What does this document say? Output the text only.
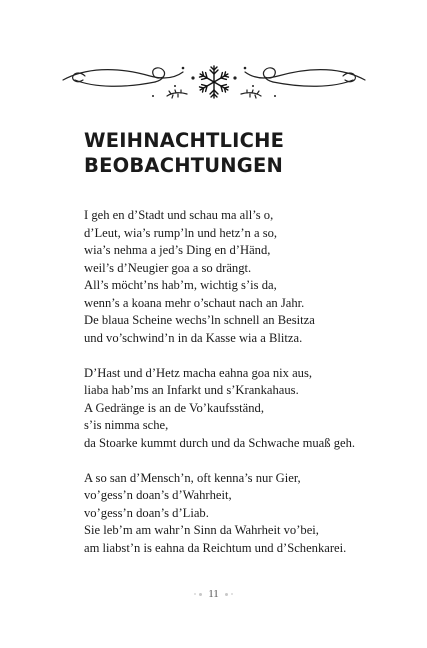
WEIHNACHTLICHE
BEOBACHTUNGEN
I geh en d’Stadt und schau ma all’s o,
d’Leut, wia’s rump’ln und hetz’n a so,
wia’s nehma a jed’s Ding en d’Händ,
weil’s d’Neugier goa a so drängt.
All’s möcht’ns hab’m, wichtig s’is da,
wenn’s a koana mehr o’schaut nach an Jahr.
De blaua Scheine wechs’ln schnell an Besitza
und vo’schwind’n in da Kasse wia a Blitza.
D’Hast und d’Hetz macha eahna goa nix aus,
liaba hab’ms an Infarkt und s’Krankahaus.
A Gedränge is an de Vo’kaufsständ,
s’is nimma sche,
da Stoarke kummt durch und da Schwache muaß geh.
A so san d’Mensch’n, oft kenna’s nur Gier,
vo’gess’n doan’s d’Wahrheit,
vo’gess’n doan’s d’Liab.
Sie leb’m am wahr’n Sinn da Wahrheit vo’bei,
am liabst’n is eahna da Reichtum und d’Schenkarei.
11
